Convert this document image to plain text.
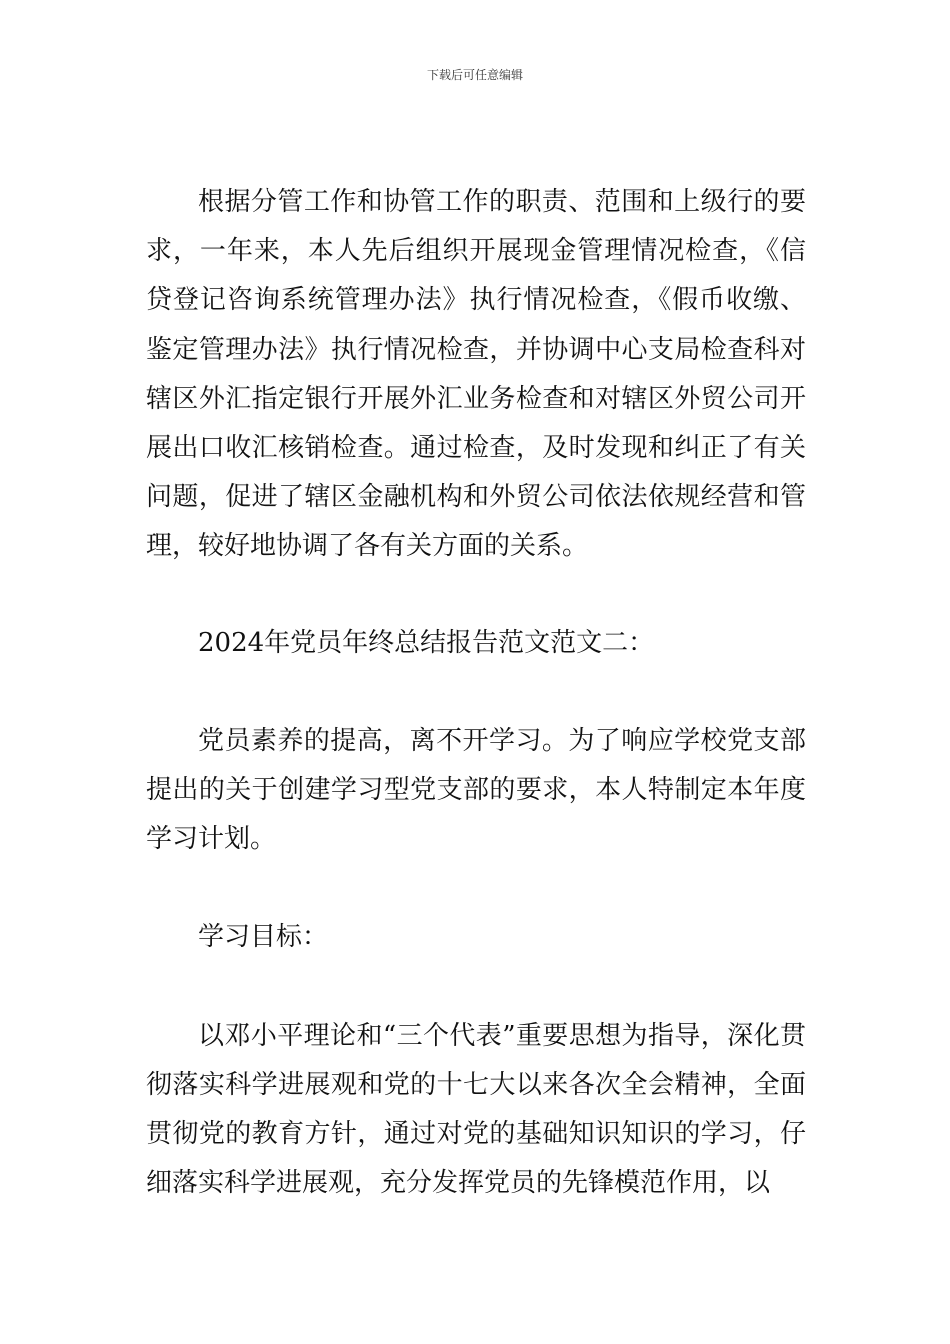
下载后可任意编辑

根据分管工作和协管工作的职责、范围和上级行的要求，一年来，本人先后组织开展现金管理情况检查，《信贷登记咨询系统管理办法》执行情况检查，《假币收缴、鉴定管理办法》执行情况检查，并协调中心支局检查科对辖区外汇指定银行开展外汇业务检查和对辖区外贸公司开展出口收汇核销检查。通过检查，及时发现和纠正了有关问题，促进了辖区金融机构和外贸公司依法依规经营和管理，较好地协调了各有关方面的关系。

2024年党员年终总结报告范文范文二：

党员素养的提高，离不开学习。为了响应学校党支部提出的关于创建学习型党支部的要求，本人特制定本年度学习计划。

学习目标：

以邓小平理论和“三个代表”重要思想为指导，深化贯彻落实科学进展观和党的十七大以来各次全会精神，全面贯彻党的教育方针，通过对党的基础知识知识的学习，仔细落实科学进展观，充分发挥党员的先锋模范作用，以
